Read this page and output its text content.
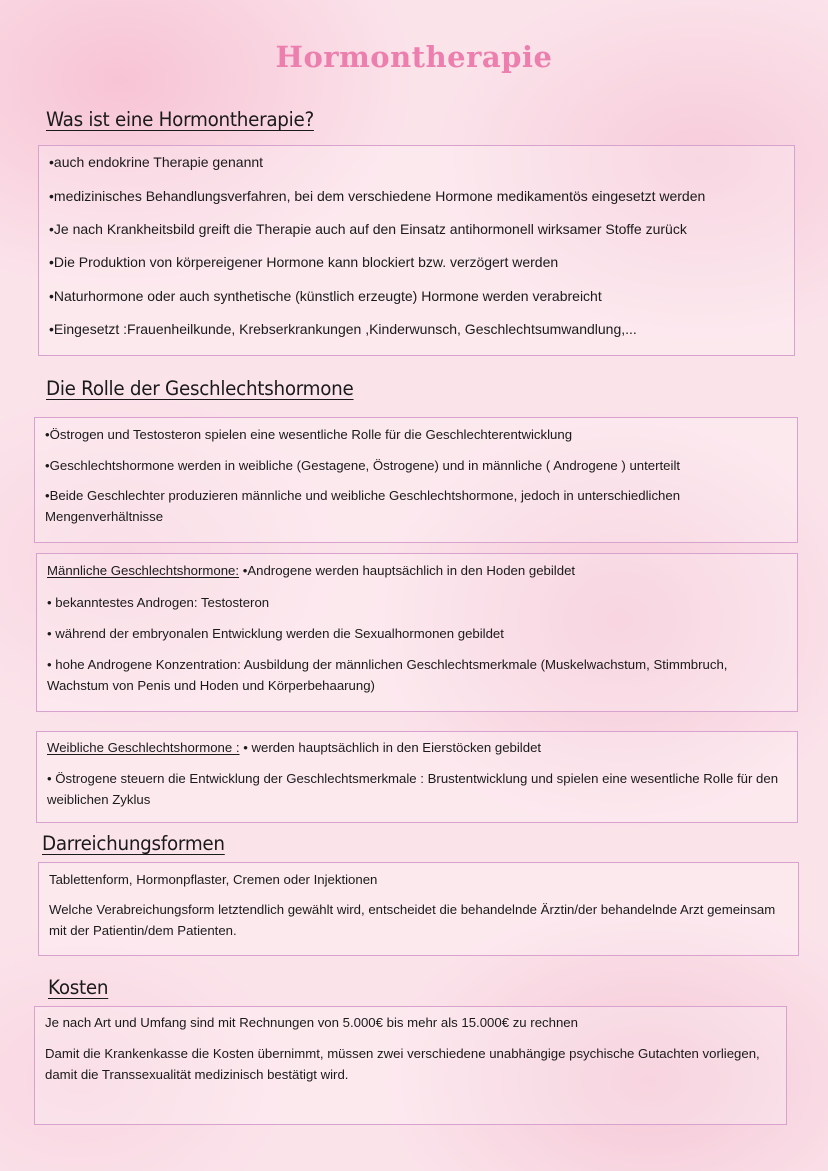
Hormontherapie
Was ist eine Hormontherapie?
•auch endokrine Therapie genannt
•medizinisches Behandlungsverfahren, bei dem verschiedene Hormone medikamentös eingesetzt werden
•Je nach Krankheitsbild greift die Therapie auch auf den Einsatz antihormonell wirksamer Stoffe zurück
•Die Produktion von körpereigener Hormone kann blockiert bzw. verzögert werden
•Naturhormone oder auch synthetische (künstlich erzeugte) Hormone werden verabreicht
•Eingesetzt :Frauenheilkunde, Krebserkrankungen ,Kinderwunsch, Geschlechtsumwandlung,...
Die Rolle der Geschlechtshormone
•Östrogen und Testosteron spielen eine wesentliche Rolle für die Geschlechterentwicklung
•Geschlechtshormone werden in weibliche (Gestagene, Östrogene) und in männliche ( Androgene ) unterteilt
•Beide Geschlechter produzieren männliche und weibliche Geschlechtshormone, jedoch in unterschiedlichen Mengenverhältnisse
Männliche Geschlechtshormone: •Androgene werden hauptsächlich in den Hoden gebildet
• bekanntestes Androgen: Testosteron
• während der embryonalen Entwicklung werden die Sexualhormonen gebildet
• hohe Androgene Konzentration: Ausbildung der männlichen Geschlechtsmerkmale (Muskelwachstum, Stimmbruch, Wachstum von Penis und Hoden und Körperbehaarung)
Weibliche Geschlechtshormone : • werden hauptsächlich in den Eierstöcken gebildet
• Östrogene steuern die Entwicklung der Geschlechtsmerkmale : Brustentwicklung und spielen eine wesentliche Rolle für den weiblichen Zyklus
Darreichungsformen
Tablettenform, Hormonpflaster, Cremen oder Injektionen
Welche Verabreichungsform letztendlich gewählt wird, entscheidet die behandelnde Ärztin/der behandelnde Arzt gemeinsam mit der Patientin/dem Patienten.
Kosten
Je nach Art und Umfang sind mit Rechnungen von 5.000€ bis mehr als 15.000€ zu rechnen
Damit die Krankenkasse die Kosten übernimmt, müssen zwei verschiedene unabhängige psychische Gutachten vorliegen, damit die Transsexualität medizinisch bestätigt wird.
